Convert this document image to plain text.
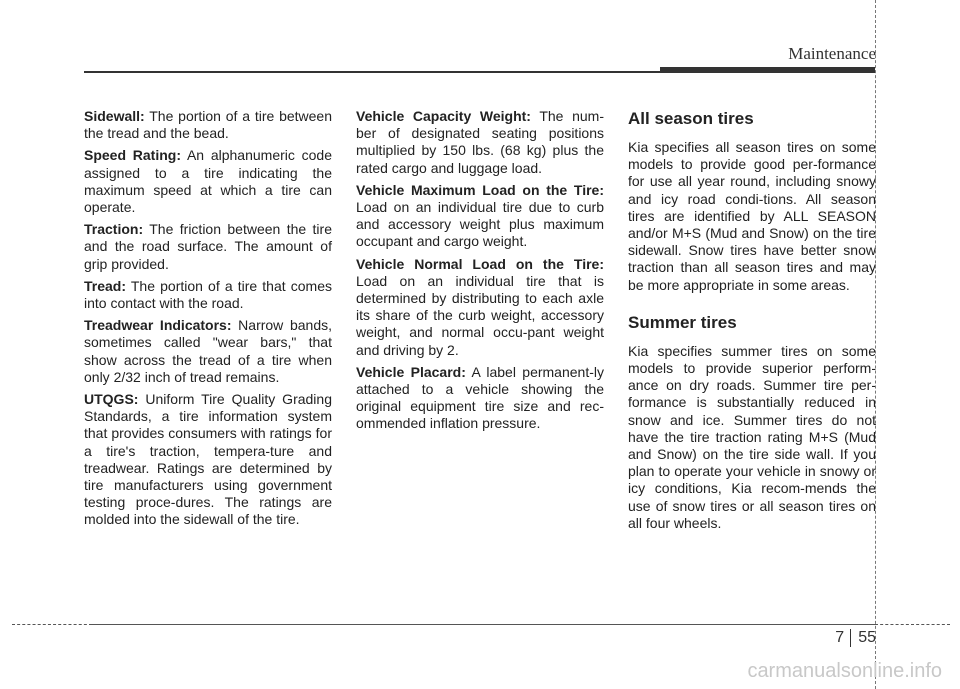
Maintenance

Sidewall: The portion of a tire between the tread and the bead.

Speed Rating: An alphanumeric code assigned to a tire indicating the maximum speed at which a tire can operate.

Traction: The friction between the tire and the road surface. The amount of grip provided.

Tread: The portion of a tire that comes into contact with the road.

Treadwear Indicators: Narrow bands, sometimes called "wear bars," that show across the tread of a tire when only 2/32 inch of tread remains.

UTQGS: Uniform Tire Quality Grading Standards, a tire information system that provides consumers with ratings for a tire's traction, tempera-ture and treadwear. Ratings are determined by tire manufacturers using government testing proce-dures. The ratings are molded into the sidewall of the tire.

Vehicle Capacity Weight: The num-ber of designated seating positions multiplied by 150 lbs. (68 kg) plus the rated cargo and luggage load.

Vehicle Maximum Load on the Tire: Load on an individual tire due to curb and accessory weight plus maximum occupant and cargo weight.

Vehicle Normal Load on the Tire: Load on an individual tire that is determined by distributing to each axle its share of the curb weight, accessory weight, and normal occu-pant weight and driving by 2.

Vehicle Placard: A label permanent-ly attached to a vehicle showing the original equipment tire size and rec-ommended inflation pressure.

All season tires

Kia specifies all season tires on some models to provide good per-formance for use all year round, including snowy and icy road condi-tions. All season tires are identified by ALL SEASON and/or M+S (Mud and Snow) on the tire sidewall. Snow tires have better snow traction than all season tires and may be more appropriate in some areas.

Summer tires

Kia specifies summer tires on some models to provide superior perform-ance on dry roads. Summer tire per-formance is substantially reduced in snow and ice. Summer tires do not have the tire traction rating M+S (Mud and Snow) on the tire side wall. If you plan to operate your vehicle in snowy or icy conditions, Kia recom-mends the use of snow tires or all season tires on all four wheels.

7 55
carmanualsonline.info
